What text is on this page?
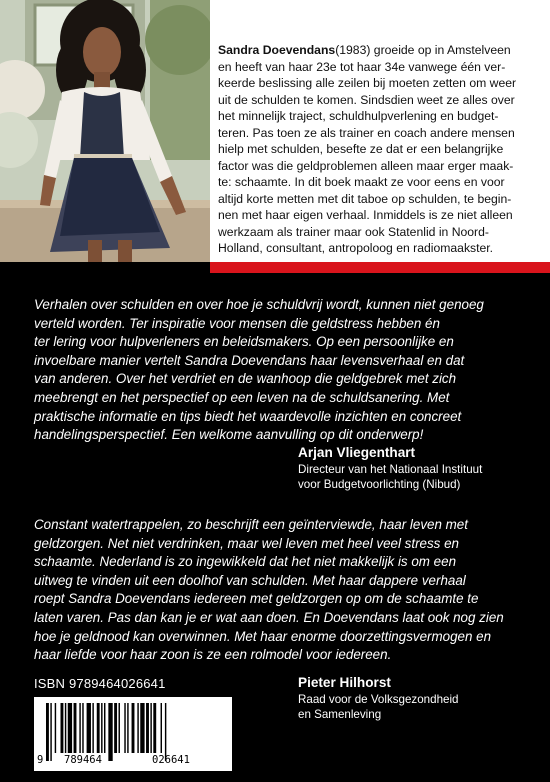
Sandra Doevendans(1983) groeide op in Amstelveen
en heeft van haar 23e tot haar 34e vanwege één ver-
keerde beslissing alle zeilen bij moeten zetten om weer
uit de schulden te komen. Sindsdien weet ze alles over
het minnelijk traject, schuldhulpverlening en budget-
teren. Pas toen ze als trainer en coach andere mensen
hielp met schulden, besefte ze dat er een belangrijke
factor was die geldproblemen alleen maar erger maak-
te: schaamte. In dit boek maakt ze voor eens en voor
altijd korte metten met dit taboe op schulden, te begin-
nen met haar eigen verhaal. Inmiddels is ze niet alleen
werkzaam als trainer maar ook Statenlid in Noord-
Holland, consultant, antropoloog en radiomaakster.
Verhalen over schulden en over hoe je schuldvrij wordt, kunnen niet genoeg
verteld worden. Ter inspiratie voor mensen die geldstress hebben én
ter lering voor hulpverleners en beleidsmakers. Op een persoonlijke en
invoelbare manier vertelt Sandra Doevendans haar levensverhaal en dat
van anderen. Over het verdriet en de wanhoop die geldgebrek met zich
meebrengt en het perspectief op een leven na de schuldsanering. Met
praktische informatie en tips biedt het waardevolle inzichten en concreet
handelingsperspectief. Een welkome aanvulling op dit onderwerp!
Arjan Vliegenthart
Directeur van het Nationaal Instituut
voor Budgetvoorlichting (Nibud)
Constant watertrappelen, zo beschrijft een geïnterviewde, haar leven met
geldzorgen. Net niet verdrinken, maar wel leven met heel veel stress en
schaamte. Nederland is zo ingewikkeld dat het niet makkelijk is om een
uitweg te vinden uit een doolhof van schulden. Met haar dappere verhaal
roept Sandra Doevendans iedereen met geldzorgen op om de schaamte te
laten varen. Pas dan kan je er wat aan doen. En Doevendans laat ook nog zien
hoe je geldnood kan overwinnen. Met haar enorme doorzettingsvermogen en
haar liefde voor haar zoon is ze een rolmodel voor iedereen.
ISBN 9789464026641
9 789464	026641
Pieter Hilhorst
Raad voor de Volksgezondheid
en Samenleving
